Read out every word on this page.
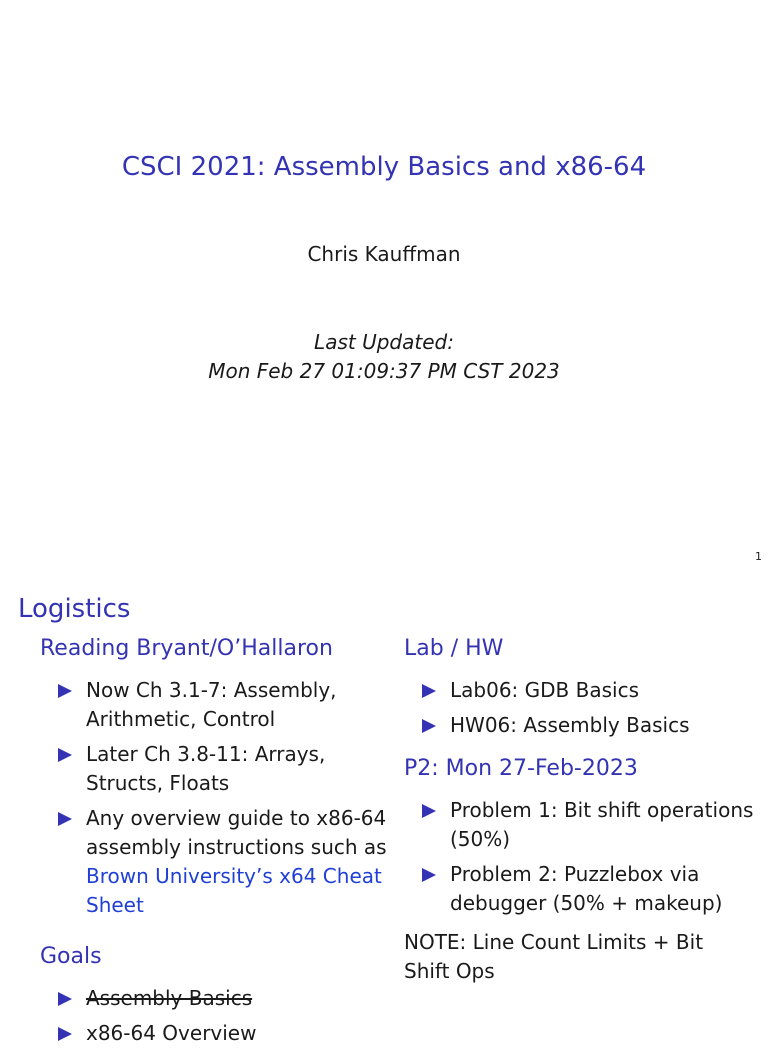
CSCI 2021: Assembly Basics and x86-64
Chris Kauffman
Last Updated:
Mon Feb 27 01:09:37 PM CST 2023
1
Logistics
Reading Bryant/O’Hallaron
Now Ch 3.1-7: Assembly, Arithmetic, Control
Later Ch 3.8-11: Arrays, Structs, Floats
Any overview guide to x86-64 assembly instructions such as Brown University’s x64 Cheat Sheet
Goals
Assembly Basics
x86-64 Overview
Lab / HW
Lab06: GDB Basics
HW06: Assembly Basics
P2: Mon 27-Feb-2023
Problem 1: Bit shift operations (50%)
Problem 2: Puzzlebox via debugger (50% + makeup)
NOTE: Line Count Limits + Bit Shift Ops
